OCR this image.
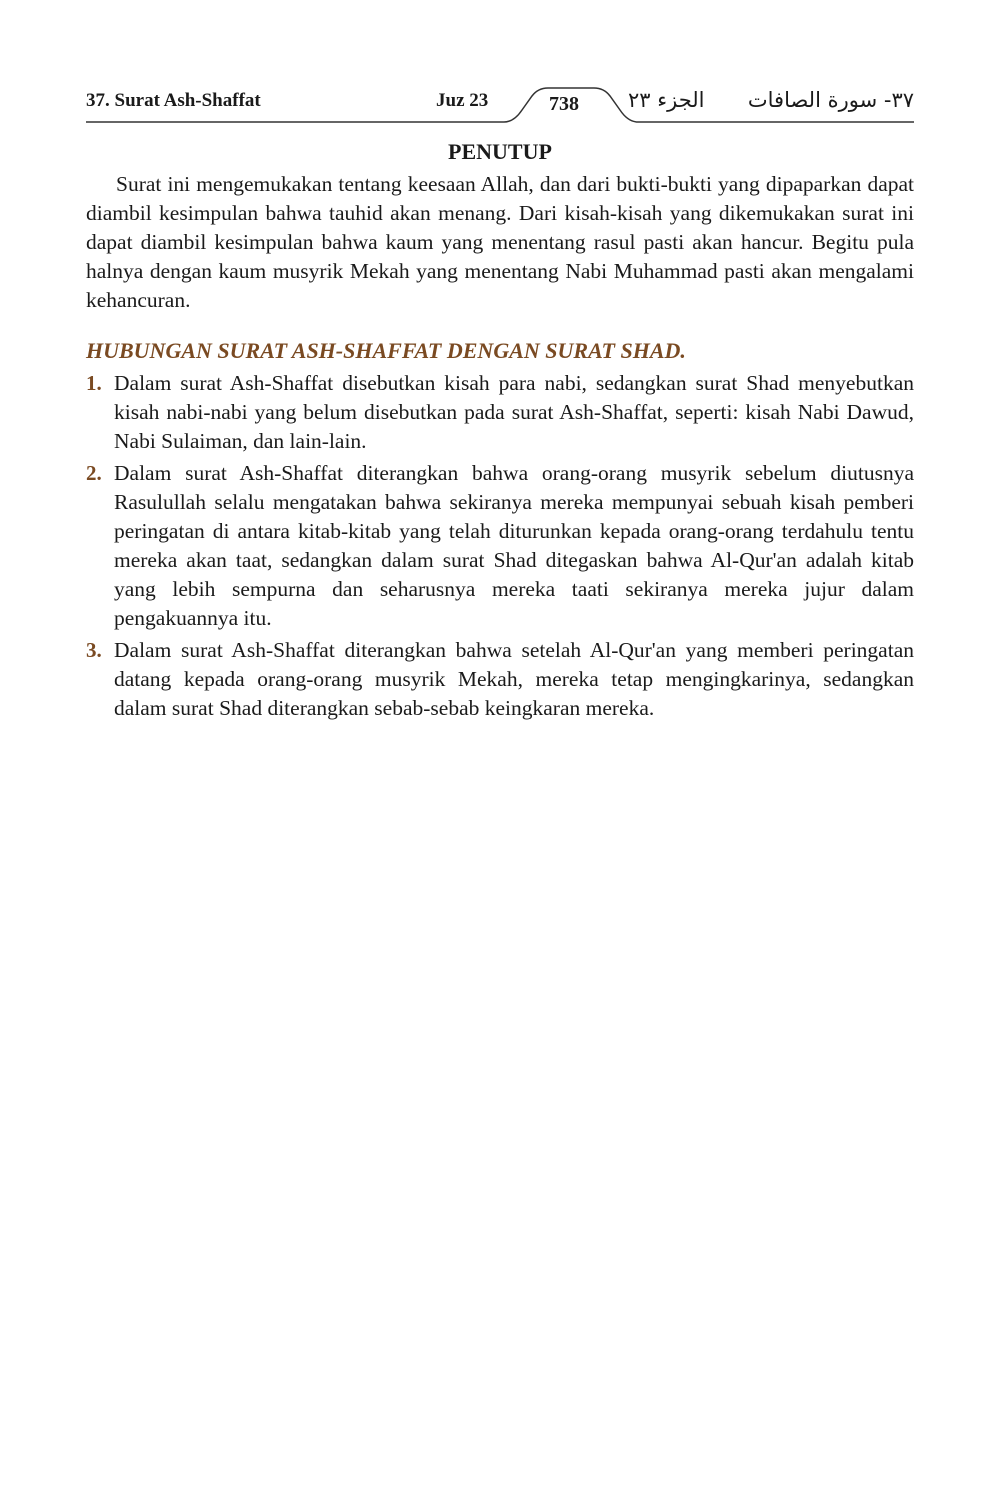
37. Surat Ash-Shaffat	Juz 23	738	الجزء ٢٣ ٣٧- سورة الصافات
PENUTUP

Surat ini mengemukakan tentang keesaan Allah, dan dari bukti-bukti yang dipaparkan dapat diambil kesimpulan bahwa tauhid akan menang. Dari kisah-kisah yang dikemukakan surat ini dapat diambil kesimpulan bahwa kaum yang menentang rasul pasti akan hancur. Begitu pula halnya dengan kaum musyrik Mekah yang menentang Nabi Muhammad pasti akan mengalami kehancuran.

HUBUNGAN SURAT ASH-SHAFFAT DENGAN SURAT SHAD.
1. Dalam surat Ash-Shaffat disebutkan kisah para nabi, sedangkan surat Shad menyebutkan kisah nabi-nabi yang belum disebutkan pada surat Ash-Shaffat, seperti: kisah Nabi Dawud, Nabi Sulaiman, dan lain-lain.

2. Dalam surat Ash-Shaffat diterangkan bahwa orang-orang musyrik sebelum diutusnya Rasulullah selalu mengatakan bahwa sekiranya mereka mempunyai sebuah kisah pemberi peringatan di antara kitab-kitab yang telah diturunkan kepada orang-orang terdahulu tentu mereka akan taat, sedangkan dalam surat Shad ditegaskan bahwa Al-Qur'an adalah kitab yang lebih sempurna dan seharusnya mereka taati sekiranya mereka jujur dalam pengakuannya itu.

3. Dalam surat Ash-Shaffat diterangkan bahwa setelah Al-Qur'an yang memberi peringatan datang kepada orang-orang musyrik Mekah, mereka tetap mengingkarinya, sedangkan dalam surat Shad diterangkan sebab-sebab keingkaran mereka.
